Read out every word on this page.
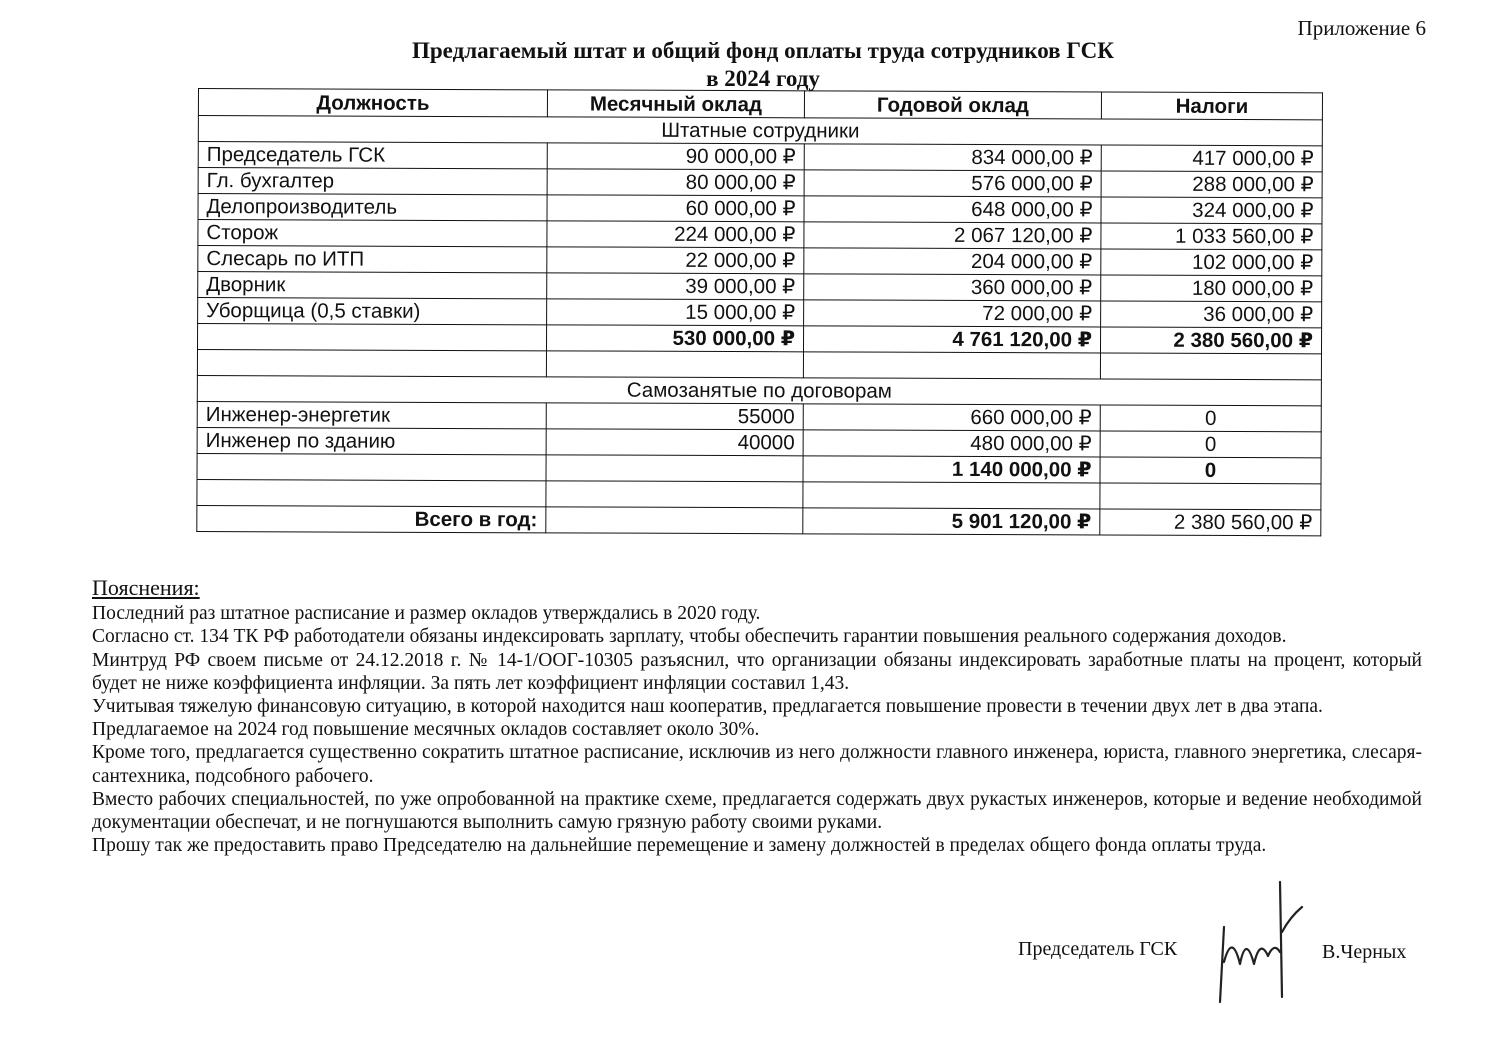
Приложение 6
Предлагаемый штат и общий фонд оплаты труда сотрудников ГСК
в 2024 году
Должность	Месячный оклад	Годовой оклад	Налоги
Штатные сотрудники			
Председатель ГСК	90 000,00 ₽	834 000,00 ₽	417 000,00 ₽
Гл. бухгалтер	80 000,00 ₽	576 000,00 ₽	288 000,00 ₽
Делопроизводитель	60 000,00 ₽	648 000,00 ₽	324 000,00 ₽
Сторож	224 000,00 ₽	2 067 120,00 ₽	1 033 560,00 ₽
Слесарь по ИТП	22 000,00 ₽	204 000,00 ₽	102 000,00 ₽
Дворник	39 000,00 ₽	360 000,00 ₽	180 000,00 ₽
Уборщица (0,5 ставки)	15 000,00 ₽	72 000,00 ₽	36 000,00 ₽
	530 000,00 ₽	4 761 120,00 ₽	2 380 560,00 ₽

Самозанятые по договорам			
Инженер-энергетик	55000	660 000,00 ₽	0
Инженер по зданию	40000	480 000,00 ₽	0
		1 140 000,00 ₽	0

Всего в год:		5 901 120,00 ₽	2 380 560,00 ₽
Пояснения:

Последний раз штатное расписание и размер окладов утверждались в 2020 году.

Согласно ст. 134 ТК РФ работодатели обязаны индексировать зарплату, чтобы обеспечить гарантии повышения реального содержания доходов.

Минтруд РФ своем письме от 24.12.2018 г. № 14-1/ООГ-10305 разъяснил, что организации обязаны индексировать заработные платы на процент, который будет не ниже коэффициента инфляции. За пять лет коэффициент инфляции составил 1,43.

Учитывая тяжелую финансовую ситуацию, в которой находится наш кооператив, предлагается повышение провести в течении двух лет в два этапа.

Предлагаемое на 2024 год повышение месячных окладов составляет около 30%.

Кроме того, предлагается существенно сократить штатное расписание, исключив из него должности главного инженера, юриста, главного энергетика, слесаря-сантехника, подсобного рабочего.

Вместо рабочих специальностей, по уже опробованной на практике схеме, предлагается содержать двух рукастых инженеров, которые и ведение необходимой документации обеспечат, и не погнушаются выполнить самую грязную работу своими руками.

Прошу так же предоставить право Председателю на дальнейшие перемещение и замену должностей в пределах общего фонда оплаты труда.

Председатель ГСК	В.Черных
